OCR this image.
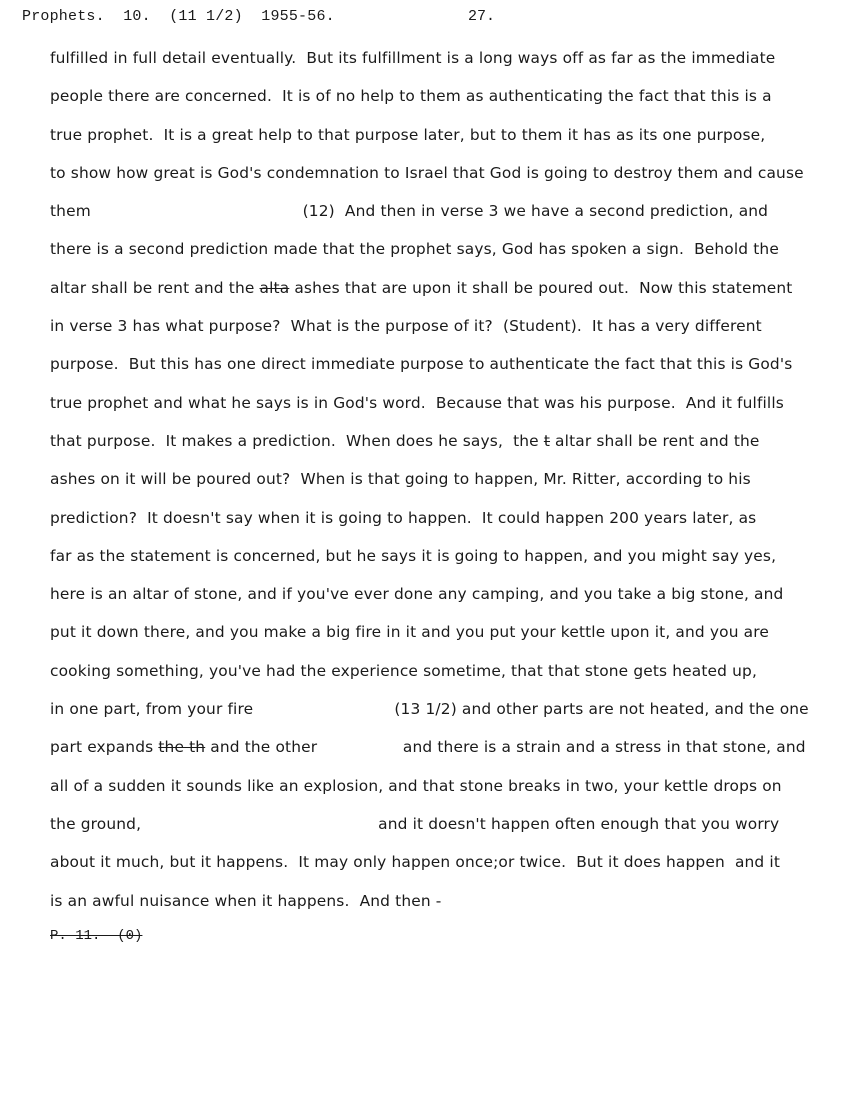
Prophets.  10.  (11 1/2)  1955-56.	27.
fulfilled in full detail eventually.  But its fulfillment is a long ways off as far as the immediate
people there are concerned.  It is of no help to them as authenticating the fact that this is a
true prophet.  It is a great help to that purpose later, but to them it has as its one purpose,
to show how great is God's condemnation to Israel that God is going to destroy them and cause
them                                          (12)  And then in verse 3 we have a second prediction, and
there is a second prediction made that the prophet says, God has spoken a sign.  Behold the
altar shall be rent and the alta ashes that are upon it shall be poured out.  Now this statement
in verse 3 has what purpose?  What is the purpose of it?  (Student).  It has a very different
purpose.  But this has one direct immediate purpose to authenticate the fact that this is God's
true prophet and what he says is in God's word.  Because that was his purpose.  And it fulfills
that purpose.  It makes a prediction.  When does he says,  the t altar shall be rent and the
ashes on it will be poured out?  When is that going to happen, Mr. Ritter, according to his
prediction?  It doesn't say when it is going to happen.  It could happen 200 years later, as
far as the statement is concerned, but he says it is going to happen, and you might say yes,
here is an altar of stone, and if you've ever done any camping, and you take a big stone, and
put it down there, and you make a big fire in it and you put your kettle upon it, and you are
cooking something, you've had the experience sometime, that that stone gets heated up,
in one part, from your fire                            (13 1/2) and other parts are not heated, and the one
part expands the th and the other                 and there is a strain and a stress in that stone, and
all of a sudden it sounds like an explosion, and that stone breaks in two, your kettle drops on
the ground,                                               and it doesn't happen often enough that you worry
about it much, but it happens.  It may only happen once;or twice.  But it does happen  and it
is an awful nuisance when it happens.  And then -
P. 11.  (0)
